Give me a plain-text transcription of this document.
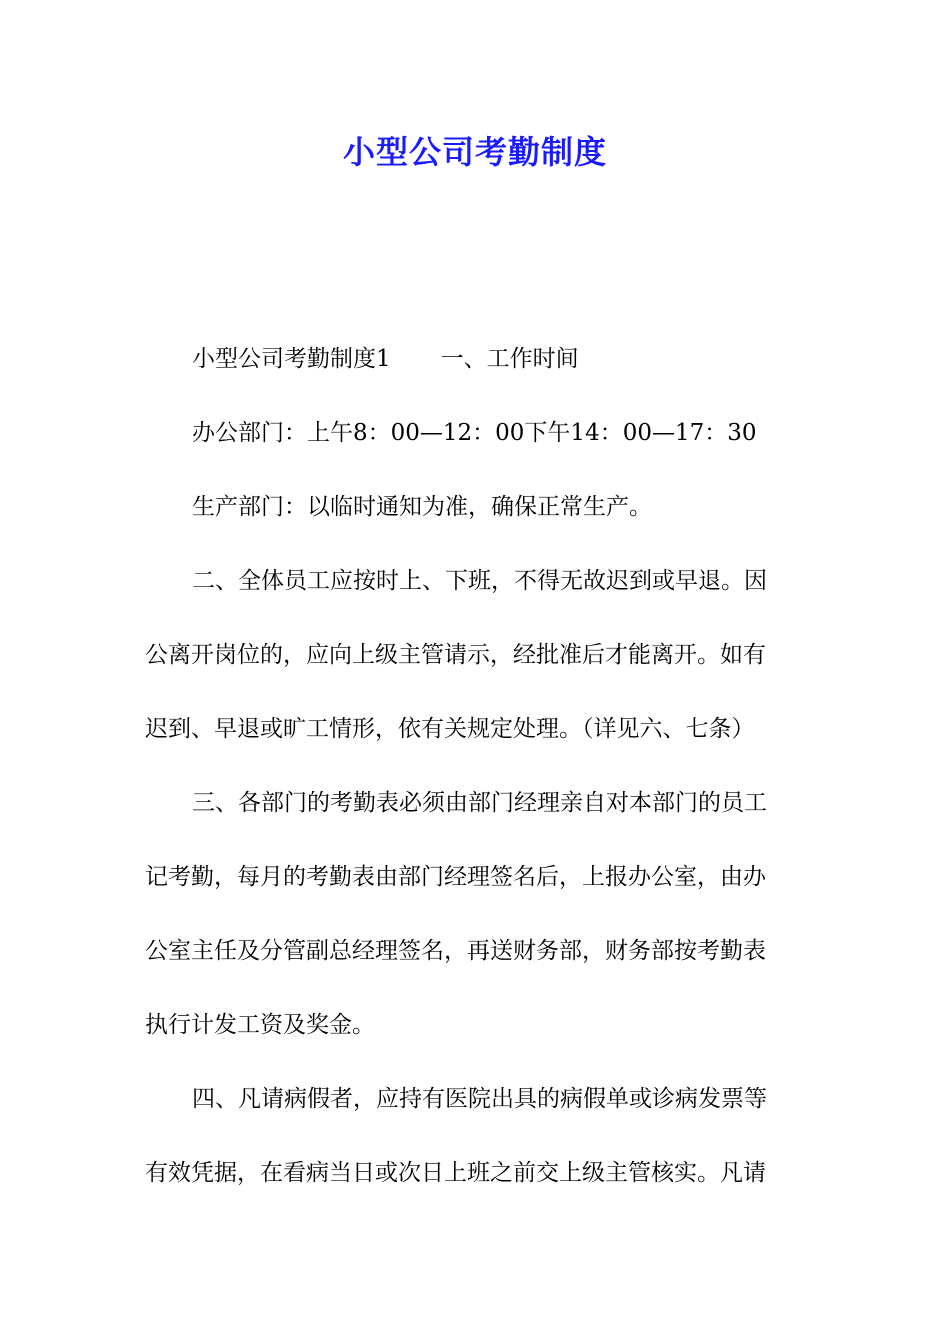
小型公司考勤制度
小型公司考勤制度1 一、工作时间
办公部门：上午8：00—12：00下午14：00—17：30
生产部门：以临时通知为准，确保正常生产。
二、全体员工应按时上、下班，不得无故迟到或早退。因
公离开岗位的，应向上级主管请示，经批准后才能离开。如有
迟到、早退或旷工情形，依有关规定处理。（详见六、七条）
三、各部门的考勤表必须由部门经理亲自对本部门的员工
记考勤，每月的考勤表由部门经理签名后，上报办公室，由办
公室主任及分管副总经理签名，再送财务部，财务部按考勤表
执行计发工资及奖金。
四、凡请病假者，应持有医院出具的病假单或诊病发票等
有效凭据，在看病当日或次日上班之前交上级主管核实。凡请
